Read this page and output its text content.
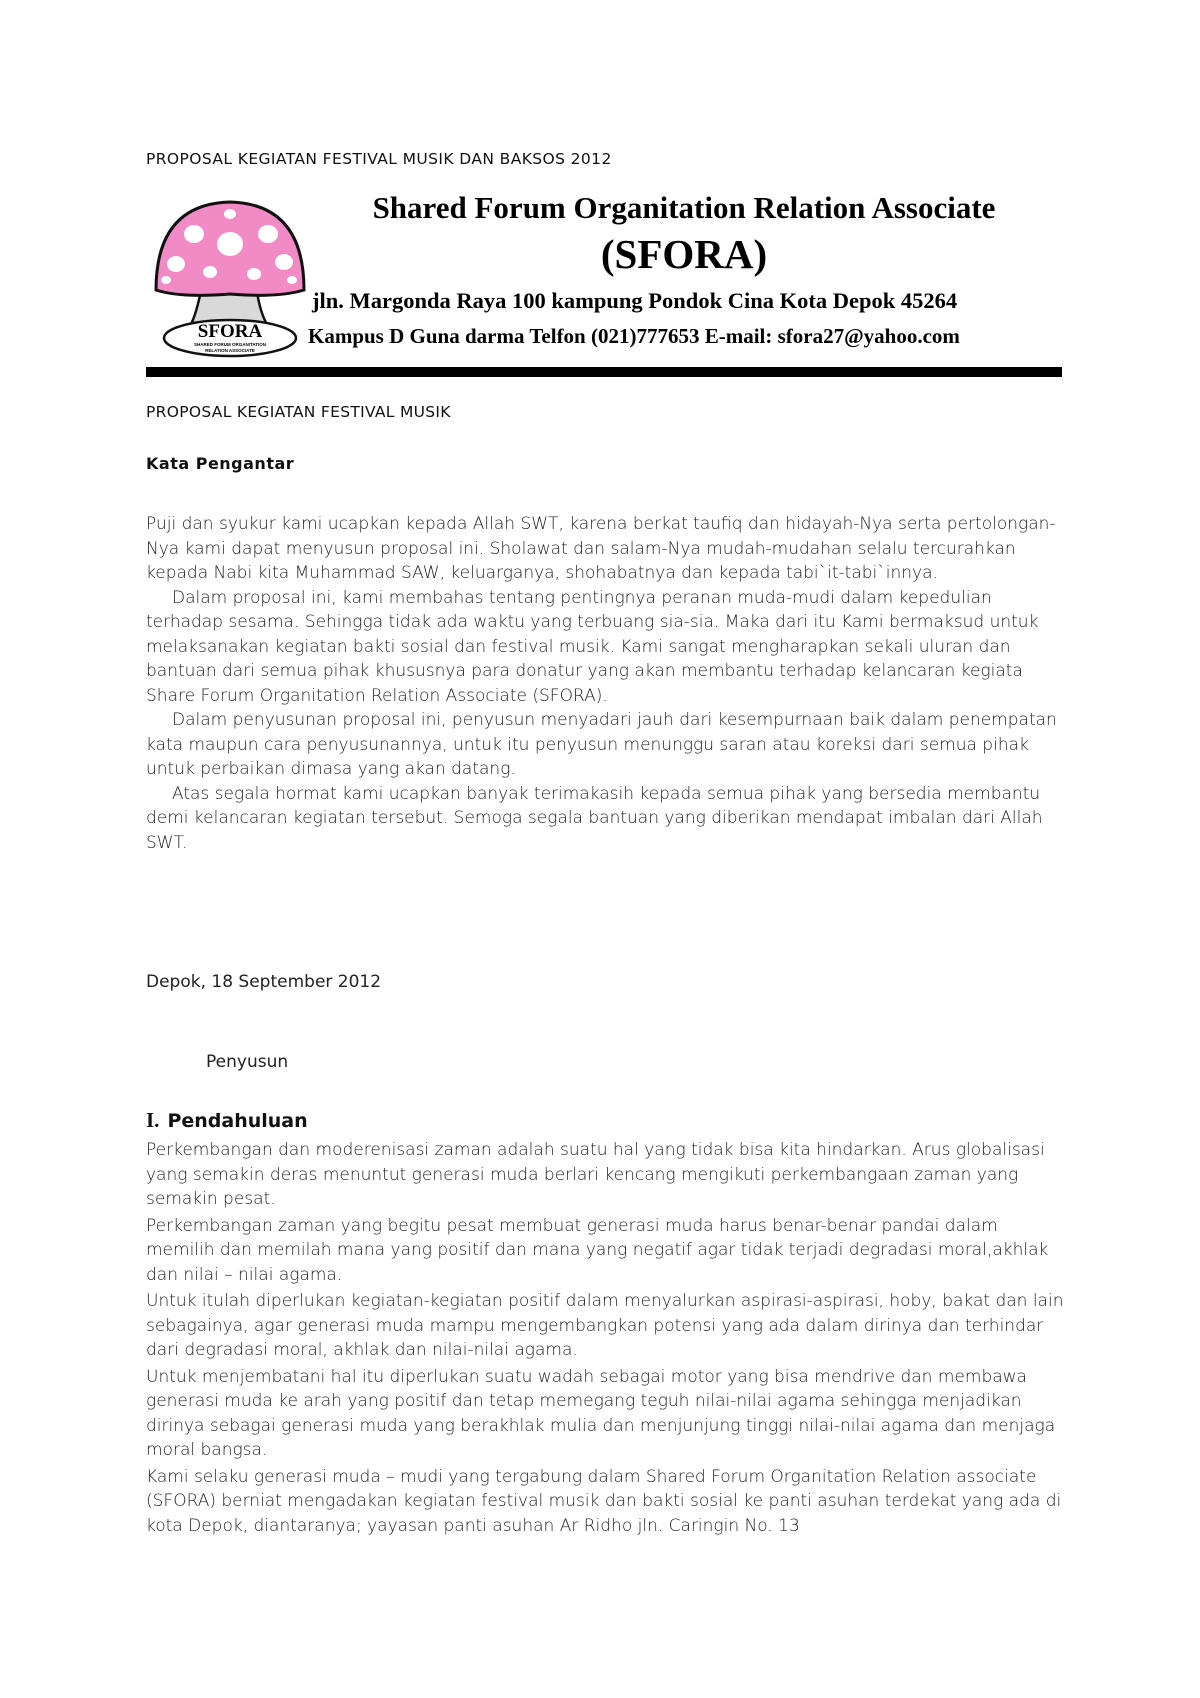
PROPOSAL KEGIATAN FESTIVAL MUSIK DAN BAKSOS 2012
SFORA
SHARED FORUM ORGANITATION
RELATION ASSOCIATE
Shared Forum Organitation Relation Associate
(SFORA)
jln. Margonda Raya 100 kampung Pondok Cina Kota Depok 45264
Kampus D Guna darma Telfon (021)777653 E-mail: sfora27@yahoo.com
PROPOSAL KEGIATAN FESTIVAL MUSIK
Kata Pengantar

Puji dan syukur kami ucapkan kepada Allah SWT, karena berkat taufiq dan hidayah-Nya serta pertolongan-Nya kami dapat menyusun proposal ini. Sholawat dan salam-Nya mudah-mudahan selalu tercurahkan kepada Nabi kita Muhammad SAW, keluarganya, shohabatnya dan kepada tabi`it-tabi`innya.

Dalam proposal ini, kami membahas tentang pentingnya peranan muda-mudi dalam kepedulian terhadap sesama. Sehingga tidak ada waktu yang terbuang sia-sia. Maka dari itu Kami bermaksud untuk melaksanakan kegiatan bakti sosial dan festival musik. Kami sangat mengharapkan sekali uluran dan bantuan dari semua pihak khususnya para donatur yang akan membantu terhadap kelancaran kegiata Share Forum Organitation Relation Associate (SFORA).

Dalam penyusunan proposal ini, penyusun menyadari jauh dari kesempurnaan baik dalam penempatan kata maupun cara penyusunannya, untuk itu penyusun menunggu saran atau koreksi dari semua pihak untuk perbaikan dimasa yang akan datang.

Atas segala hormat kami ucapkan banyak terimakasih kepada semua pihak yang bersedia membantu demi kelancaran kegiatan tersebut. Semoga segala bantuan yang diberikan mendapat imbalan dari Allah SWT.

Depok, 18 September 2012
Penyusun
I. Pendahuluan

Perkembangan dan moderenisasi zaman adalah suatu hal yang tidak bisa kita hindarkan. Arus globalisasi yang semakin deras menuntut generasi muda berlari kencang mengikuti perkembangaan zaman yang semakin pesat.

Perkembangan zaman yang begitu pesat membuat generasi muda harus benar-benar pandai dalam memilih dan memilah mana yang positif dan mana yang negatif agar tidak terjadi degradasi moral,akhlak dan nilai – nilai agama.

Untuk itulah diperlukan kegiatan-kegiatan positif dalam menyalurkan aspirasi-aspirasi, hoby, bakat dan lain sebagainya, agar generasi muda mampu mengembangkan potensi yang ada dalam dirinya dan terhindar dari degradasi moral, akhlak dan nilai-nilai agama.

Untuk menjembatani hal itu diperlukan suatu wadah sebagai motor yang bisa mendrive dan membawa generasi muda ke arah yang positif dan tetap memegang teguh nilai-nilai agama sehingga menjadikan dirinya sebagai generasi muda yang berakhlak mulia dan menjunjung tinggi nilai-nilai agama dan menjaga moral bangsa.

Kami selaku generasi muda – mudi yang tergabung dalam Shared Forum Organitation Relation associate (SFORA) berniat mengadakan kegiatan festival musik dan bakti sosial ke panti asuhan terdekat yang ada di kota Depok, diantaranya; yayasan panti asuhan Ar Ridho jln. Caringin No. 13
